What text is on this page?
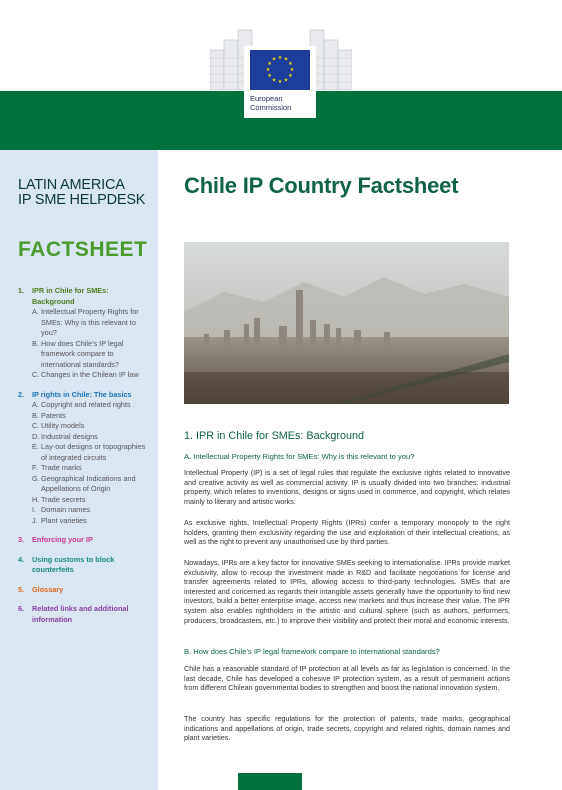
★ ★
★
★
★
★
★
★
★
★
★
★
European
Commission
LATIN AMERICA
IP SME HELPDESK
FACTSHEET
1.	IPR in Chile for SMEs: Background
A. Intellectual Property Rights for SMEs: Why is this relevant to you?
B. How does Chile's IP legal framework compare to international standards?
C. Changes in the Chilean IP law
2.	IP rights in Chile: The basics
A. Copyright and related rights
B. Patents
C. Utility models
D. Industrial designs
E. Lay-out designs or topographies of integrated circuits
F. Trade marks
G. Geographical Indications and Appellations of Origin
H. Trade secrets
I. Domain names
J. Plant varieties
3.	Enforcing your IP
4.	Using customs to block counterfeits
5.	Glossary
6.	Related links and additional information
Chile IP Country Factsheet
1. IPR in Chile for SMEs: Background
A. Intellectual Property Rights for SMEs: Why is this relevant to you?
Intellectual Property (IP) is a set of legal rules that regulate the exclusive rights related to innovative and creative activity as well as commercial activity. IP is usually divided into two branches: industrial property, which relates to inventions, designs or signs used in commerce, and copyright, which relates mainly to literary and artistic works.
As exclusive rights, Intellectual Property Rights (IPRs) confer a temporary monopoly to the right holders, granting them exclusivity regarding the use and exploitation of their intellectual creations, as well as the right to prevent any unauthorised use by third parties.
Nowadays, IPRs are a key factor for innovative SMEs seeking to internationalise. IPRs provide market exclusivity, allow to recoup the investment made in R&D and facilitate negotiations for license and transfer agreements related to IPRs, allowing access to third-party technologies. SMEs that are interested and concerned as regards their intangible assets generally have the opportunity to find new investors, build a better enterprise image, access new markets and thus increase their value. The IPR system also enables rightholders in the artistic and cultural sphere (such as authors, performers, producers, broadcasters, etc.) to improve their visibility and protect their moral and economic interests.
B. How does Chile's IP legal framework compare to international standards?
Chile has a reasonable standard of IP protection at all levels as far as legislation is concerned. In the last decade, Chile has developed a cohesive IP protection system, as a result of permanent actions from different Chilean governmental bodies to strengthen and boost the national innovation system.
The country has specific regulations for the protection of patents, trade marks, geographical indications and appellations of origin, trade secrets, copyright and related rights, domain names and plant varieties.
